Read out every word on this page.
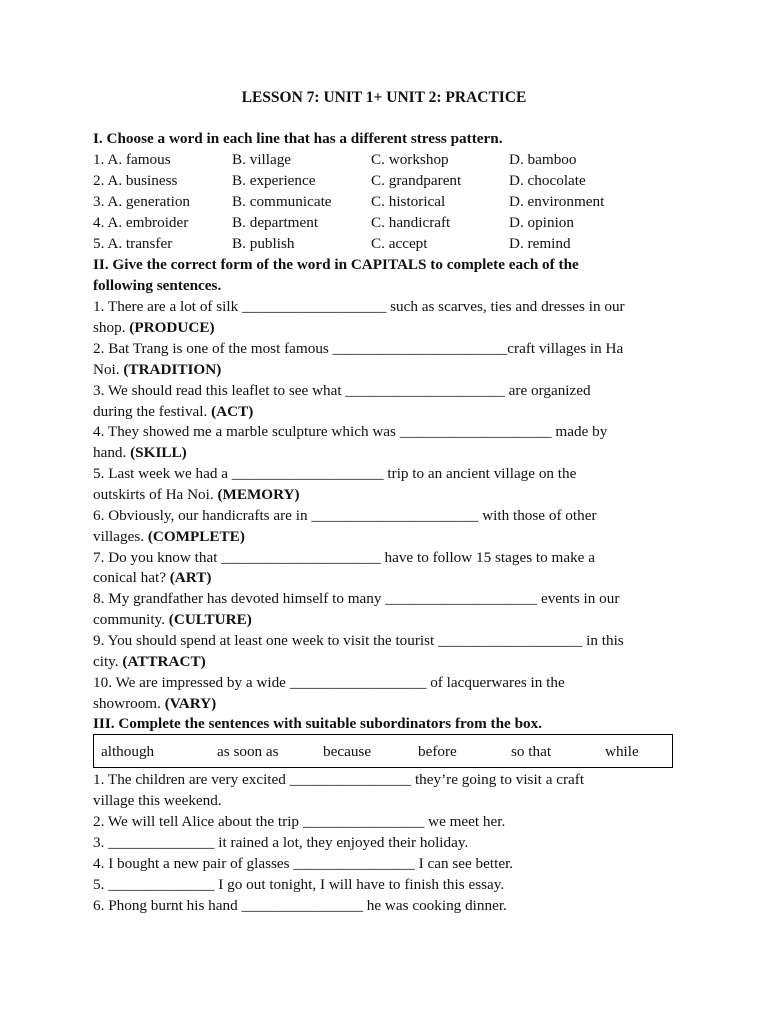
LESSON 7: UNIT 1+ UNIT 2: PRACTICE
I. Choose a word in each line that has a different stress pattern.
1. A. famous	B. village	C. workshop	D. bamboo
2. A. business	B. experience	C. grandparent	D. chocolate
3. A. generation	B. communicate	C. historical	D. environment
4. A. embroider	B. department	C. handicraft	D. opinion
5. A. transfer	B. publish	C. accept	D. remind
II. Give the correct form of the word in CAPITALS to complete each of the
following sentences.
1. There are a lot of silk ___________________ such as scarves, ties and dresses in our
shop. (PRODUCE)
2. Bat Trang is one of the most famous _______________________craft villages in Ha
Noi. (TRADITION)
3. We should read this leaflet to see what _____________________ are organized
during the festival. (ACT)
4. They showed me a marble sculpture which was ____________________ made by
hand. (SKILL)
5. Last week we had a ____________________ trip to an ancient village on the
outskirts of Ha Noi. (MEMORY)
6. Obviously, our handicrafts are in ______________________ with those of other
villages. (COMPLETE)
7. Do you know that _____________________ have to follow 15 stages to make a
conical hat? (ART)
8. My grandfather has devoted himself to many ____________________ events in our
community. (CULTURE)
9. You should spend at least one week to visit the tourist ___________________ in this
city. (ATTRACT)
10. We are impressed by a wide __________________ of lacquerwares in the
showroom. (VARY)
III. Complete the sentences with suitable subordinators from the box.
although	as soon as	because	before	so that	while
1. The children are very excited ________________ they’re going to visit a craft
village this weekend.
2. We will tell Alice about the trip ________________ we meet her.
3. ______________ it rained a lot, they enjoyed their holiday.
4. I bought a new pair of glasses ________________ I can see better.
5. ______________ I go out tonight, I will have to finish this essay.
6. Phong burnt his hand ________________ he was cooking dinner.
